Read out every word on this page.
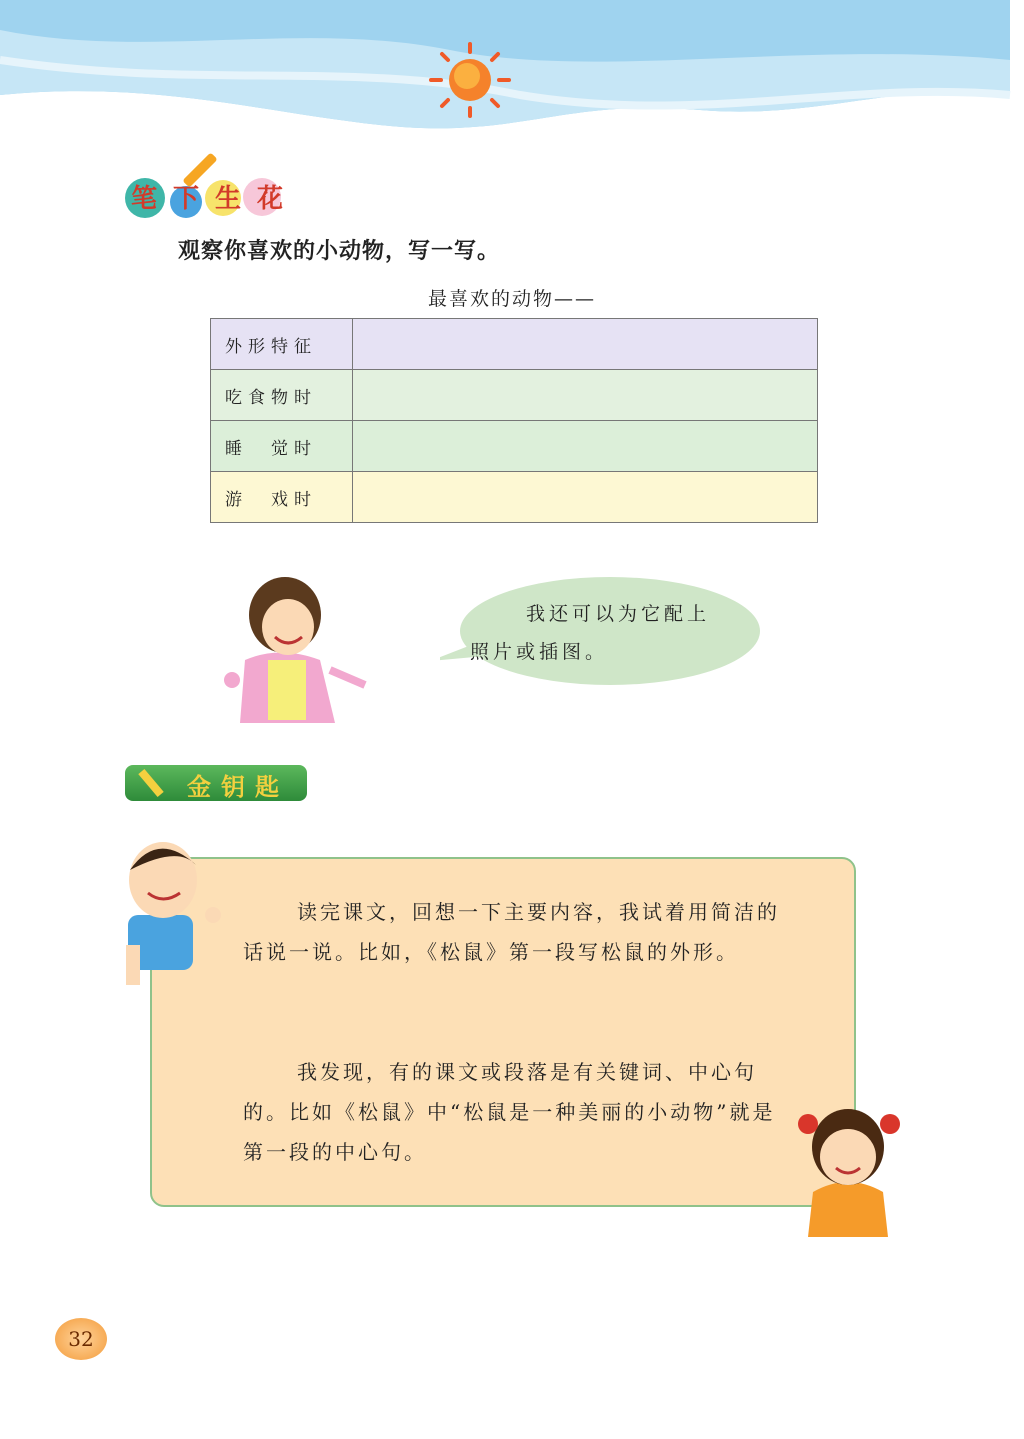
笔下生花
观察你喜欢的小动物，写一写。
最喜欢的动物——
外形特征	
吃食物时	
睡　觉时	
游　戏时	
我还可以为它配上照片或插图。
金钥匙
读完课文，回想一下主要内容，我试着用简洁的话说一说。比如，《松鼠》第一段写松鼠的外形。
我发现，有的课文或段落是有关键词、中心句的。比如《松鼠》中“松鼠是一种美丽的小动物”就是第一段的中心句。
32
